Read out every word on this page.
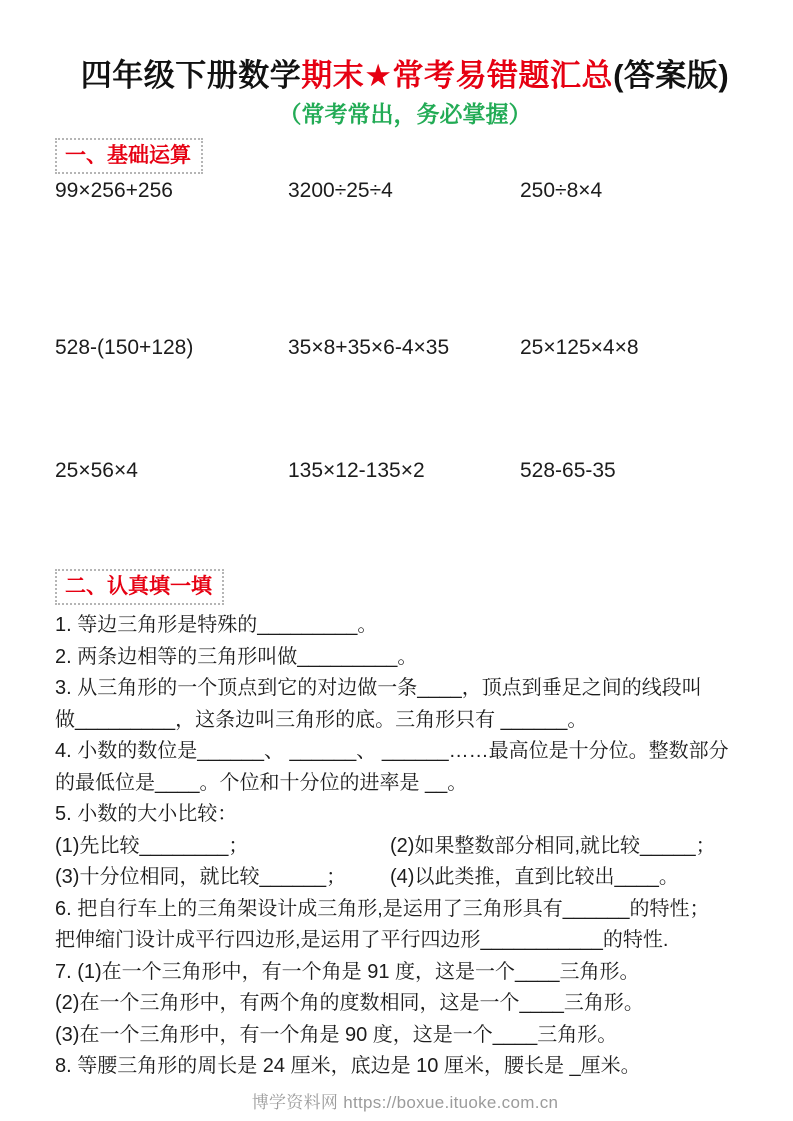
四年级下册数学期末★常考易错题汇总(答案版)
（常考常出，务必掌握）
一、基础运算
99×256+256	3200÷25÷4	250÷8×4
528-(150+128)	35×8+35×6-4×35	25×125×4×8
25×56×4	135×12-135×2	528-65-35
二、认真填一填
1. 等边三角形是特殊的_________。
2. 两条边相等的三角形叫做_________。
3. 从三角形的一个顶点到它的对边做一条____，顶点到垂足之间的线段叫
做_________，这条边叫三角形的底。三角形只有 ______。
4. 小数的数位是______、 ______、 ______……最高位是十分位。整数部分
的最低位是____。个位和十分位的进率是 __。
5. 小数的大小比较：
(1)先比较________；	(2)如果整数部分相同,就比较_____；
(3)十分位相同，就比较______；	(4)以此类推，直到比较出____。
6. 把自行车上的三角架设计成三角形,是运用了三角形具有______的特性；
把伸缩门设计成平行四边形,是运用了平行四边形___________的特性.
7. (1)在一个三角形中，有一个角是 91 度，这是一个____三角形。
(2)在一个三角形中，有两个角的度数相同，这是一个____三角形。
(3)在一个三角形中，有一个角是 90 度，这是一个____三角形。
8. 等腰三角形的周长是 24 厘米，底边是 10 厘米，腰长是 _厘米。
博学资料网 https://boxue.ituoke.com.cn
